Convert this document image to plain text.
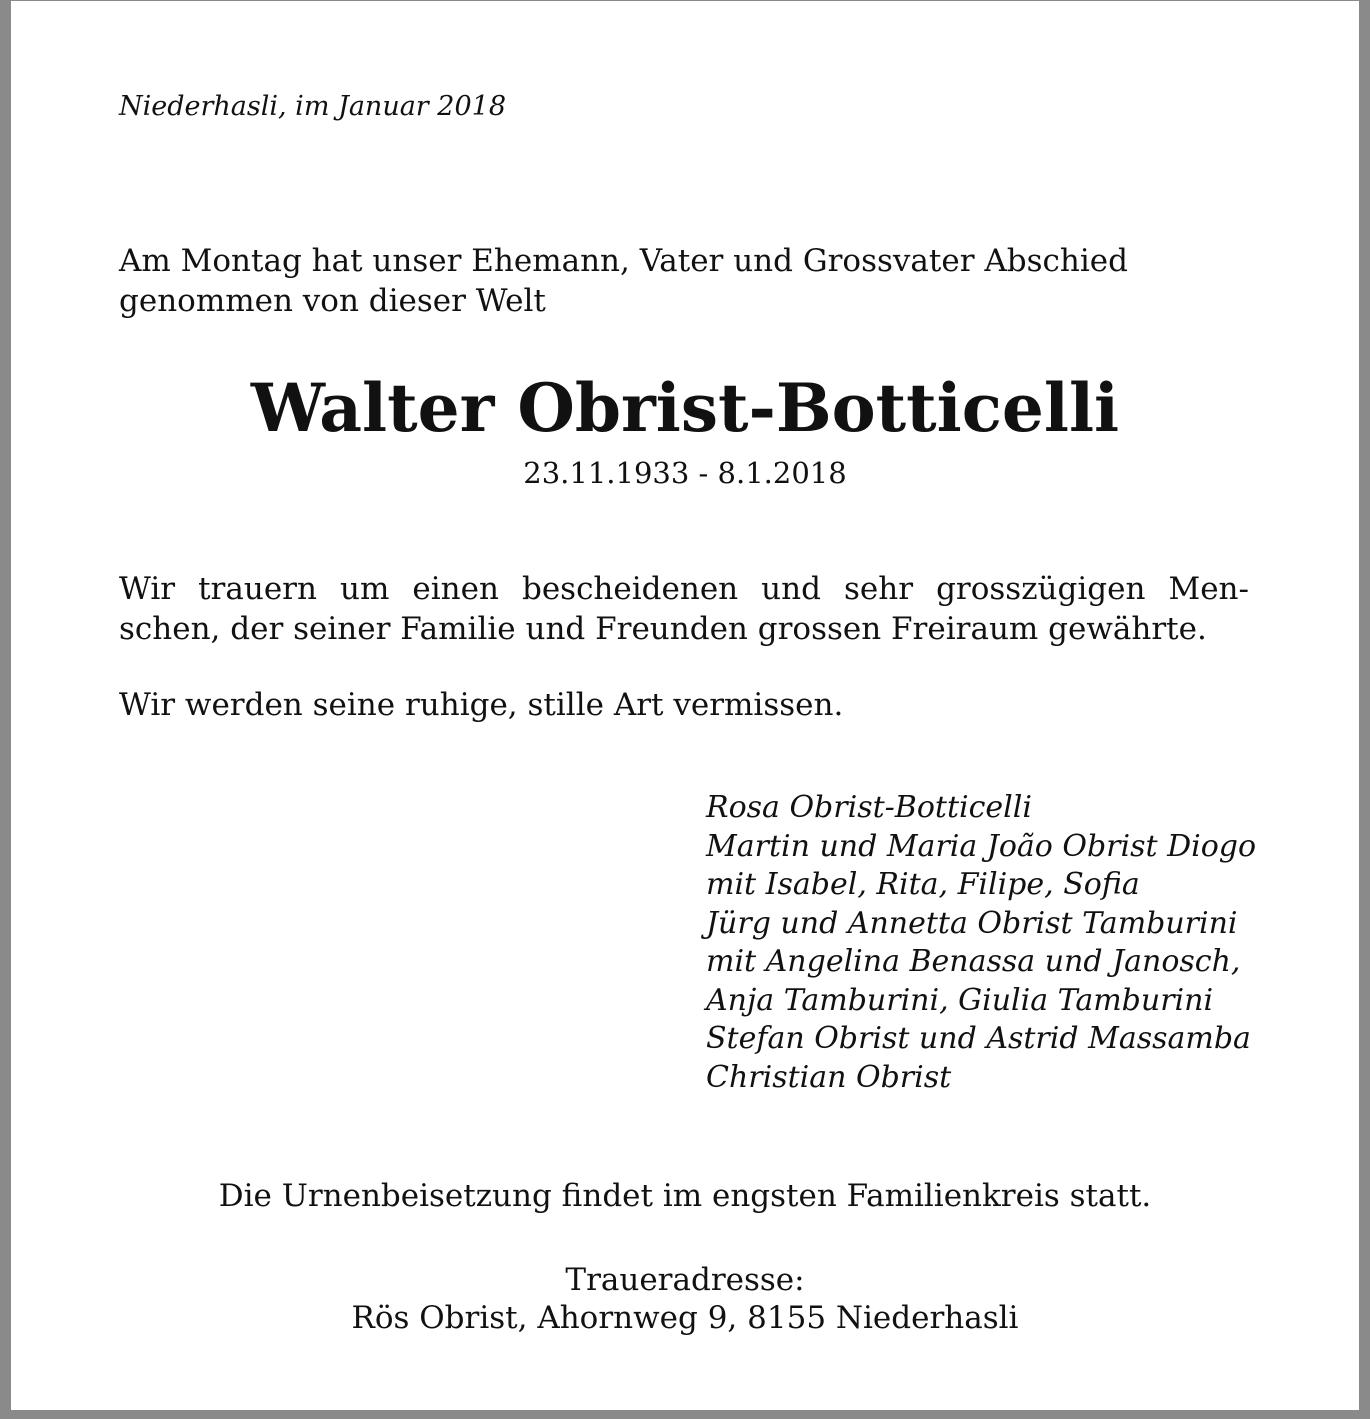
Niederhasli, im Januar 2018

Am Montag hat unser Ehemann, Vater und Grossvater Abschied
genommen von dieser Welt
Walter Obrist-Botticelli

23.11.1933 - 8.1.2018

Wir trauern um einen bescheidenen und sehr grosszügigen Men-
schen, der seiner Familie und Freunden grossen Freiraum gewährte.

Wir werden seine ruhige, stille Art vermissen.

Rosa Obrist-Botticelli
Martin und Maria João Obrist Diogo
mit Isabel, Rita, Filipe, Sofia
Jürg und Annetta Obrist Tamburini
mit Angelina Benassa und Janosch,
Anja Tamburini, Giulia Tamburini
Stefan Obrist und Astrid Massamba
Christian Obrist

Die Urnenbeisetzung findet im engsten Familienkreis statt.

Traueradresse:

Rös Obrist, Ahornweg 9, 8155 Niederhasli
